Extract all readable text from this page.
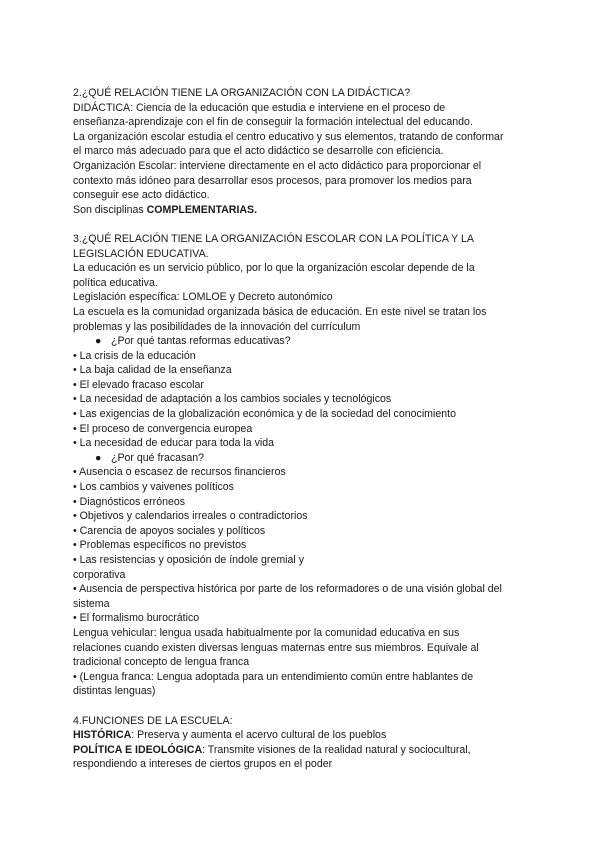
2.¿QUÉ RELACIÓN TIENE LA ORGANIZACIÓN CON LA DIDÁCTICA?
DIDÁCTICA: Ciencia de la educación que estudia e interviene en el proceso de
enseñanza-aprendizaje con el fin de conseguir la formación intelectual del educando.
La organización escolar estudia el centro educativo y sus elementos, tratando de conformar
el marco más adecuado para que el acto didáctico se desarrolle con eficiencia.
Organización Escolar: interviene directamente en el acto didáctico para proporcionar el
contexto más idóneo para desarrollar esos procesos, para promover los medios para
conseguir ese acto didáctico.
Son disciplinas COMPLEMENTARIAS.
3.¿QUÉ RELACIÓN TIENE LA ORGANIZACIÓN ESCOLAR CON LA POLÍTICA Y LA
LEGISLACIÓN EDUCATIVA.
La educación es un servicio público, por lo que la organización escolar depende de la
política educativa.
Legislación específica: LOMLOE y Decreto autonómico
La escuela es la comunidad organizada básica de educación. En este nivel se tratan los
problemas y las posibilidades de la innovación del currículum
● ¿Por qué tantas reformas educativas?
• La crisis de la educación
• La baja calidad de la enseñanza
• El elevado fracaso escolar
• La necesidad de adaptación a los cambios sociales y tecnológicos
• Las exigencias de la globalización económica y de la sociedad del conocimiento
• El proceso de convergencia europea
• La necesidad de educar para toda la vida
● ¿Por qué fracasan?
• Ausencia o escasez de recursos financieros
• Los cambios y vaivenes políticos
• Diagnósticos erróneos
• Objetivos y calendarios irreales o contradictorios
• Carencia de apoyos sociales y políticos
• Problemas específicos no previstos
• Las resistencias y oposición de índole gremial y
corporativa
• Ausencia de perspectiva histórica por parte de los reformadores o de una visión global del
sistema
• El formalismo burocrático
Lengua vehicular: lengua usada habitualmente por la comunidad educativa en sus
relaciones cuando existen diversas lenguas maternas entre sus miembros. Equivale al
tradicional concepto de lengua franca
• (Lengua franca: Lengua adoptada para un entendimiento común entre hablantes de
distintas lenguas)
4.FUNCIONES DE LA ESCUELA:
HISTÓRICA: Preserva y aumenta el acervo cultural de los pueblos
POLÍTICA E IDEOLÓGICA: Transmite visiones de la realidad natural y sociocultural,
respondiendo a intereses de ciertos grupos en el poder
